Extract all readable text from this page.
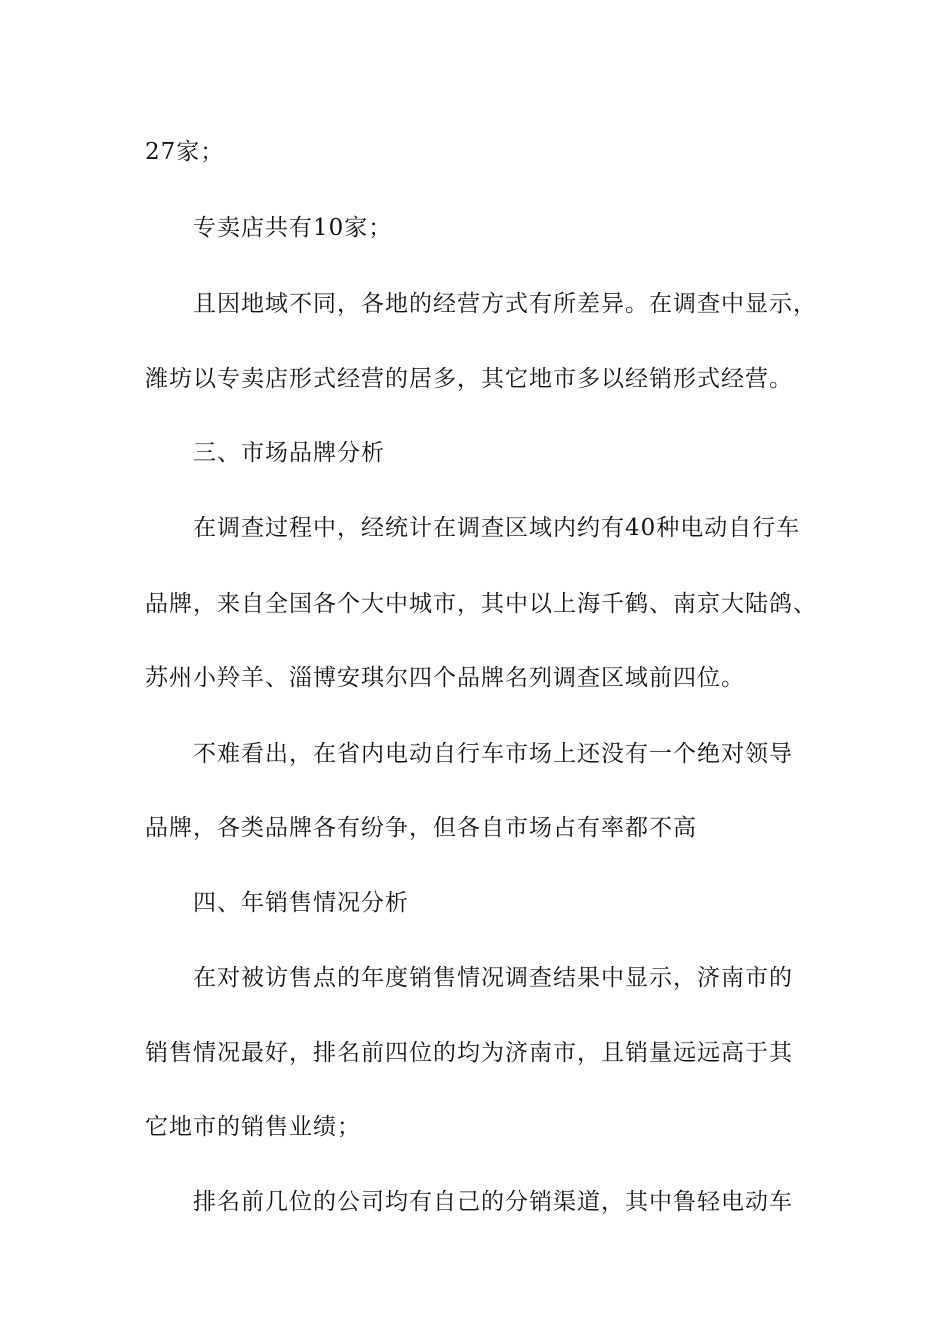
27家；
专卖店共有10家；
且因地域不同，各地的经营方式有所差异。在调查中显示，
潍坊以专卖店形式经营的居多，其它地市多以经销形式经营。
三、市场品牌分析
在调查过程中，经统计在调查区域内约有40种电动自行车
品牌，来自全国各个大中城市，其中以上海千鹤、南京大陆鸽、
苏州小羚羊、淄博安琪尔四个品牌名列调查区域前四位。
不难看出，在省内电动自行车市场上还没有一个绝对领导
品牌，各类品牌各有纷争，但各自市场占有率都不高
四、年销售情况分析
在对被访售点的年度销售情况调查结果中显示，济南市的
销售情况最好，排名前四位的均为济南市，且销量远远高于其
它地市的销售业绩；
排名前几位的公司均有自己的分销渠道，其中鲁轻电动车
